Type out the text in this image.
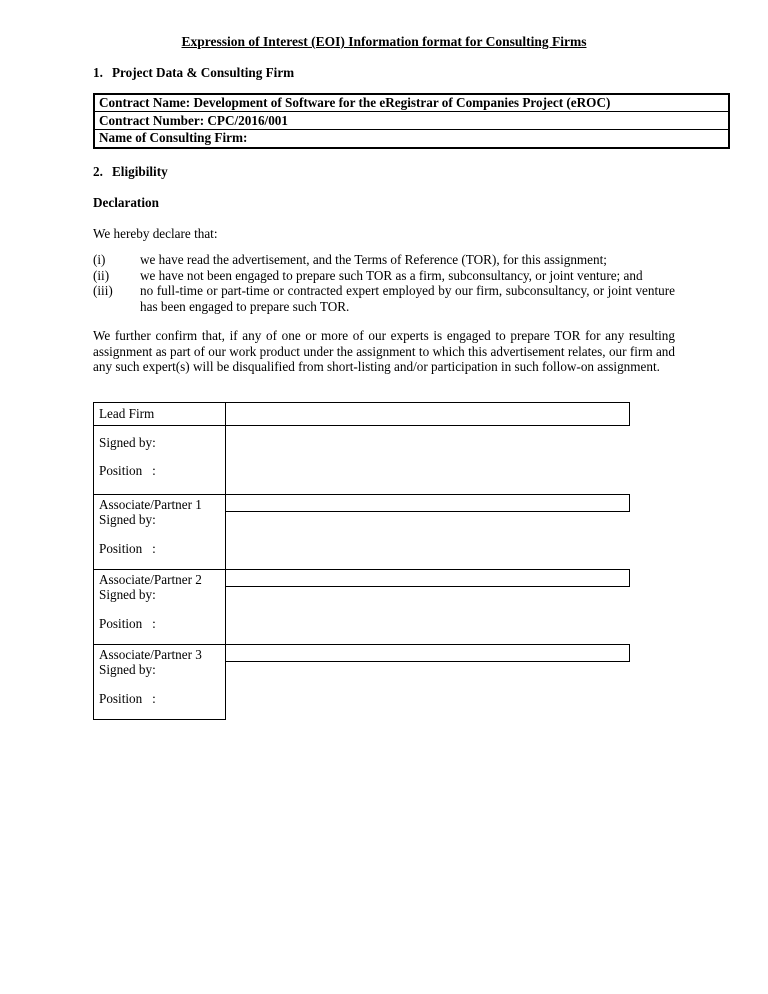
Expression of Interest (EOI) Information format for Consulting Firms
1. Project Data & Consulting Firm
Contract Name: Development of Software for the eRegistrar of Companies Project (eROC)
Contract Number: CPC/2016/001
Name of Consulting Firm:
2. Eligibility
Declaration
We hereby declare that:
(i)	we have read the advertisement, and the Terms of Reference (TOR), for this assignment;
(ii)	we have not been engaged to prepare such TOR as a firm, subconsultancy, or joint venture; and
(iii)	no full-time or part-time or contracted expert employed by our firm, subconsultancy, or joint venture has been engaged to prepare such TOR.
We further confirm that, if any of one or more of our experts is engaged to prepare TOR for any resulting assignment as part of our work product under the assignment to which this advertisement relates, our firm and any such expert(s) will be disqualified from short-listing and/or participation in such follow-on assignment.
Lead Firm
Signed by:
Position   :
Associate/Partner 1
Signed by:
Position   :
Associate/Partner 2
Signed by:
Position   :
Associate/Partner 3
Signed by:
Position   :
